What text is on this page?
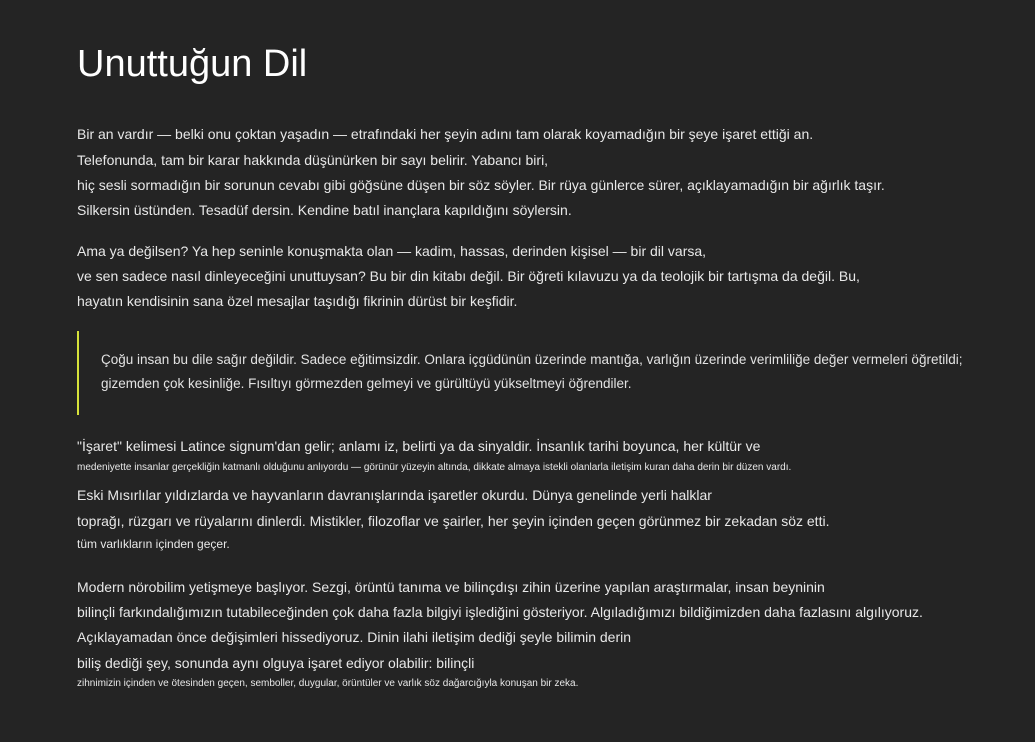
Unuttuğun Dil

Bir an vardır — belki onu çoktan yaşadın — etrafındaki her şeyin adını tam olarak koyamadığın bir şeye işaret ettiği an.

Telefonunda, tam bir karar hakkında düşünürken bir sayı belirir. Yabancı biri,

hiç sesli sormadığın bir sorunun cevabı gibi göğsüne düşen bir söz söyler. Bir rüya günlerce sürer, açıklayamadığın bir ağırlık taşır.

Silkersin üstünden. Tesadüf dersin. Kendine batıl inançlara kapıldığını söylersin.

Ama ya değilsen? Ya hep seninle konuşmakta olan — kadim, hassas, derinden kişisel — bir dil varsa,

ve sen sadece nasıl dinleyeceğini unuttuysan? Bu bir din kitabı değil. Bir öğreti kılavuzu ya da teolojik bir tartışma da değil. Bu,

hayatın kendisinin sana özel mesajlar taşıdığı fikrinin dürüst bir keşfidir.

Çoğu insan bu dile sağır değildir. Sadece eğitimsizdir. Onlara içgüdünün üzerinde mantığa, varlığın üzerinde verimliliğe değer vermeleri öğretildi;

gizemden çok kesinliğe. Fısıltıyı görmezden gelmeyi ve gürültüyü yükseltmeyi öğrendiler.

"İşaret" kelimesi Latince signum'dan gelir; anlamı iz, belirti ya da sinyaldir. İnsanlık tarihi boyunca, her kültür ve

medeniyette insanlar gerçekliğin katmanlı olduğunu anlıyordu — görünür yüzeyin altında, dikkate almaya istekli olanlarla iletişim kuran daha derin bir düzen vardı.

Eski Mısırlılar yıldızlarda ve hayvanların davranışlarında işaretler okurdu. Dünya genelinde yerli halklar

toprağı, rüzgarı ve rüyalarını dinlerdi. Mistikler, filozoflar ve şairler, her şeyin içinden geçen görünmez bir zekadan söz etti.

tüm varlıkların içinden geçer.

Modern nörobilim yetişmeye başlıyor. Sezgi, örüntü tanıma ve bilinçdışı zihin üzerine yapılan araştırmalar, insan beyninin

bilinçli farkındalığımızın tutabileceğinden çok daha fazla bilgiyi işlediğini gösteriyor. Algıladığımızı bildiğimizden daha fazlasını algılıyoruz.

Açıklayamadan önce değişimleri hissediyoruz. Dinin ilahi iletişim dediği şeyle bilimin derin

biliş dediği şey, sonunda aynı olguya işaret ediyor olabilir: bilinçli

zihnimizin içinden ve ötesinden geçen, semboller, duygular, örüntüler ve varlık söz dağarcığıyla konuşan bir zeka.
